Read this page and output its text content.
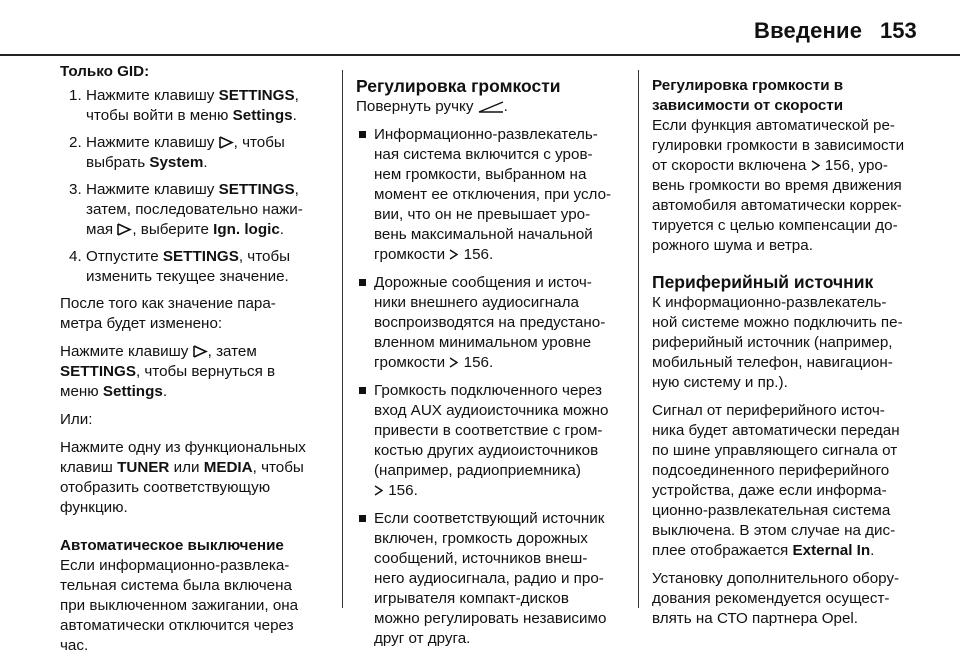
Введение 153
Только GID:
1. Нажмите клавишу SETTINGS,
чтобы войти в меню Settings.
2. Нажмите клавишу , чтобы
выбрать System.
3. Нажмите клавишу SETTINGS,
затем, последовательно нажи-
мая , выберите Ign. logic.
4. Отпустите SETTINGS, чтобы
изменить текущее значение.

После того как значение пара-
метра будет изменено:

Нажмите клавишу , затем
SETTINGS, чтобы вернуться в
меню Settings.

Или:

Нажмите одну из функциональных
клавиш TUNER или MEDIA, чтобы
отобразить соответствующую
функцию.

Автоматическое выключение
Если информационно-развлека-
тельная система была включена
при выключенном зажигании, она
автоматически отключится через
час.
Регулировка громкости

Повернуть ручку .

Информационно-развлекатель-
ная система включится с уров-
нем громкости, выбранном на
момент ее отключения, при усло-
вии, что он не превышает уро-
вень максимальной начальной
громкости  156.
Дорожные сообщения и источ-
ники внешнего аудиосигнала
воспроизводятся на предустано-
вленном минимальном уровне
громкости  156.
Громкость подключенного через
вход AUX аудиоисточника можно
привести в соответствие с гром-
костью других аудиоисточников
(например, радиоприемника)
156.
Если соответствующий источник
включен, громкость дорожных
сообщений, источников внеш-
него аудиосигнала, радио и про-
игрывателя компакт-дисков
можно регулировать независимо
друг от друга.
Регулировка громкости в
зависимости от скорости

Если функция автоматической ре-
гулировки громкости в зависимости
от скорости включена  156, уро-
вень громкости во время движения
автомобиля автоматически коррек-
тируется с целью компенсации до-
рожного шума и ветра.

Периферийный источник

К информационно-развлекатель-
ной системе можно подключить пе-
риферийный источник (например,
мобильный телефон, навигацион-
ную систему и пр.).

Сигнал от периферийного источ-
ника будет автоматически передан
по шине управляющего сигнала от
подсоединенного периферийного
устройства, даже если информа-
ционно-развлекательная система
выключена. В этом случае на дис-
плее отображается External In.

Установку дополнительного обору-
дования рекомендуется осущест-
влять на СТО партнера Opel.
